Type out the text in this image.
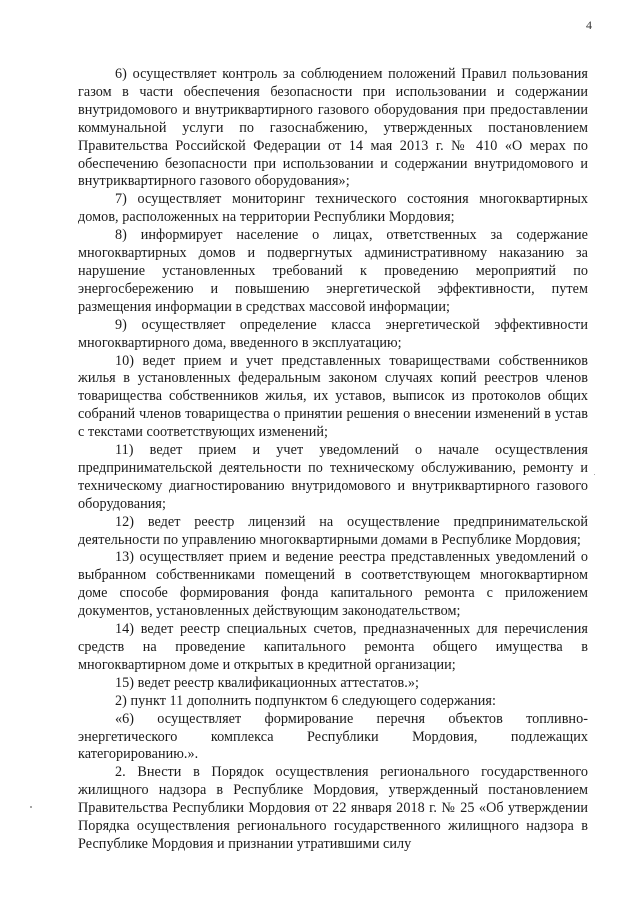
4

6) осуществляет контроль за соблюдением положений Правил пользования газом в части обеспечения безопасности при использовании и содержании внутридомового и внутриквартирного газового оборудования при предоставлении коммунальной услуги по газоснабжению, утвержденных постановлением Правительства Российской Федерации от 14 мая 2013 г. № 410 «О мерах по обеспечению безопасности при использовании и содержании внутридомового и внутриквартирного газового оборудования»;

7) осуществляет мониторинг технического состояния многоквартирных домов, расположенных на территории Республики Мордовия;

8) информирует население о лицах, ответственных за содержание многоквартирных домов и подвергнутых административному наказанию за нарушение установленных требований к проведению мероприятий по энергосбережению и повышению энергетической эффективности, путем размещения информации в средствах массовой информации;

9) осуществляет определение класса энергетической эффективности многоквартирного дома, введенного в эксплуатацию;

10) ведет прием и учет представленных товариществами собственников жилья в установленных федеральным законом случаях копий реестров членов товарищества собственников жилья, их уставов, выписок из протоколов общих собраний членов товарищества о принятии решения о внесении изменений в устав с текстами соответствующих изменений;

11) ведет прием и учет уведомлений о начале осуществления предпринимательской деятельности по техническому обслуживанию, ремонту и техническому диагностированию внутридомового и внутриквартирного газового оборудования;

12) ведет реестр лицензий на осуществление предпринимательской деятельности по управлению многоквартирными домами в Республике Мордовия;

13) осуществляет прием и ведение реестра представленных уведомлений о выбранном собственниками помещений в соответствующем многоквартирном доме способе формирования фонда капитального ремонта с приложением документов, установленных действующим законодательством;

14) ведет реестр специальных счетов, предназначенных для перечисления средств на проведение капитального ремонта общего имущества в многоквартирном доме и открытых в кредитной организации;

15) ведет реестр квалификационных аттестатов.»;

2) пункт 11 дополнить подпунктом 6 следующего содержания:

«6) осуществляет формирование перечня объектов топливно-энергетического комплекса Республики Мордовия, подлежащих категорированию.».

2. Внести в Порядок осуществления регионального государственного жилищного надзора в Республике Мордовия, утвержденный постановлением Правительства Республики Мордовия от 22 января 2018 г. № 25 «Об утверждении Порядка осуществления регионального государственного жилищного надзора в Республике Мордовия и признании утратившими силу
